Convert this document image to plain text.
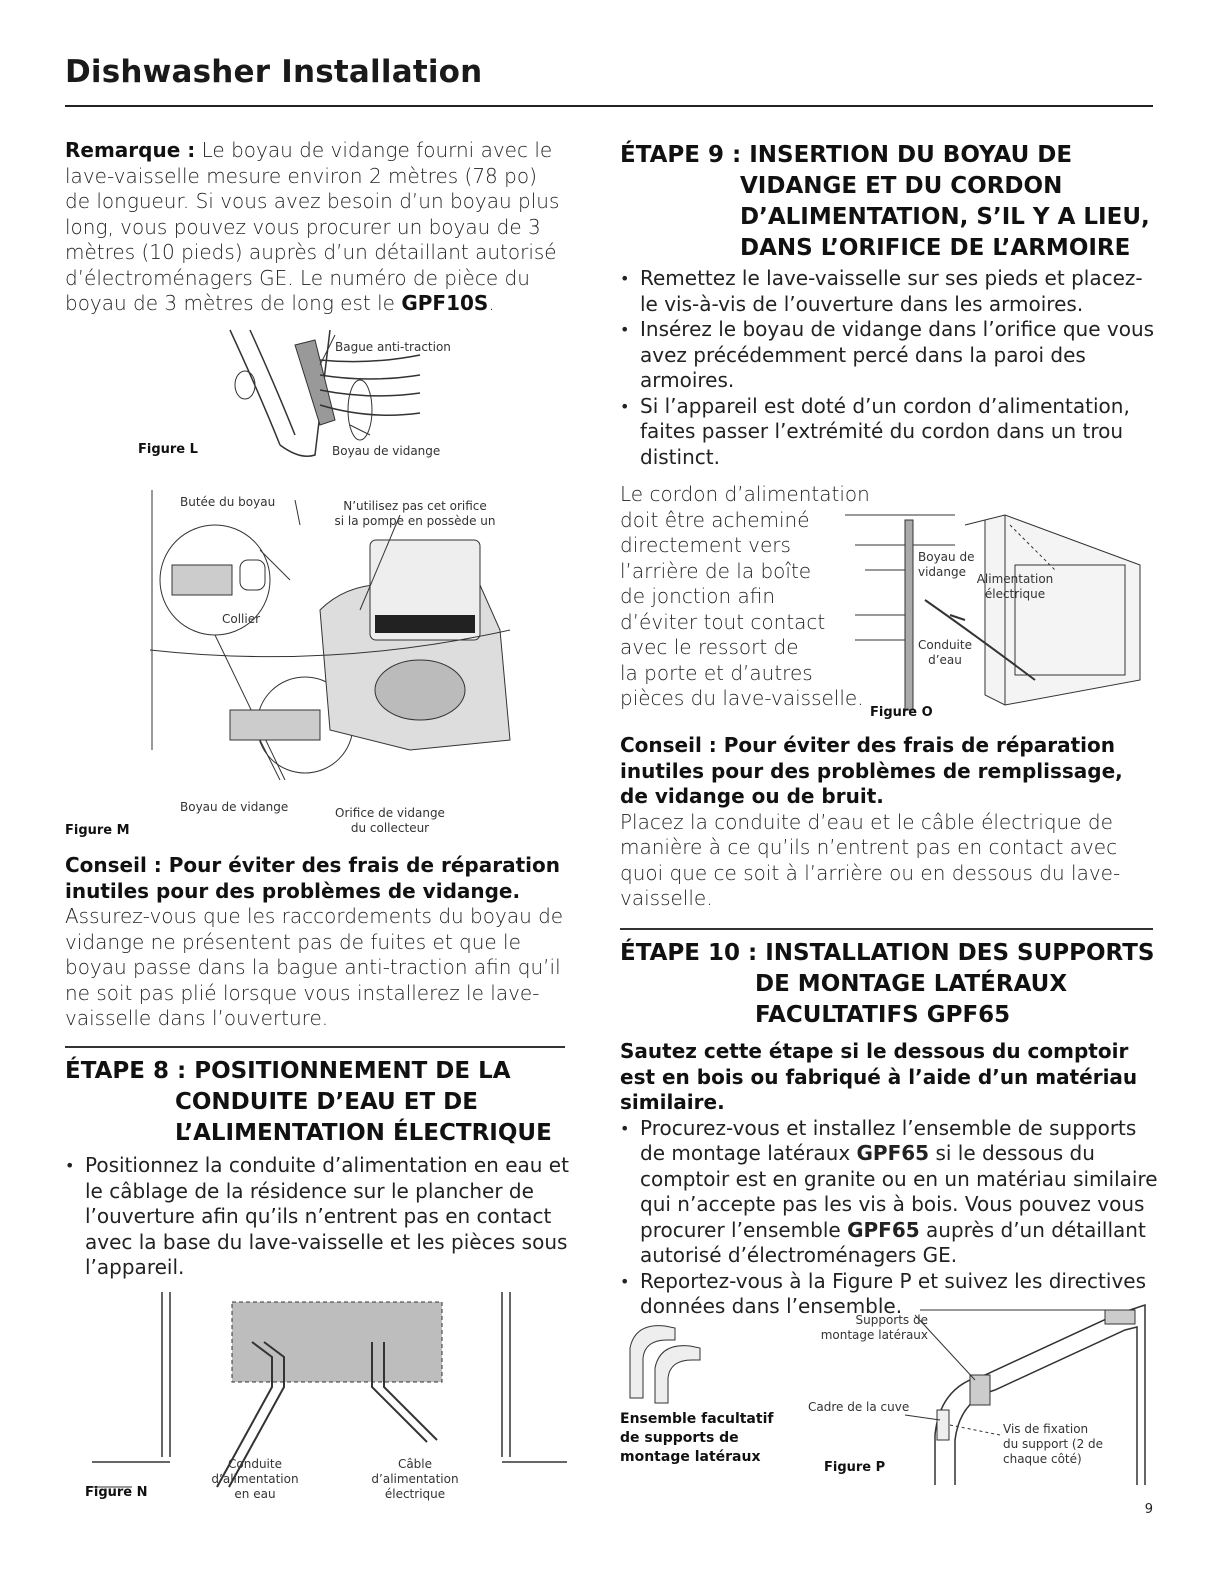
Dishwasher Installation
Remarque : Le boyau de vidange fourni avec le lave-vaisselle mesure environ 2 mètres (78 po) de longueur. Si vous avez besoin d’un boyau plus long, vous pouvez vous procurer un boyau de 3 mètres (10 pieds) auprès d’un détaillant autorisé d’électroménagers GE. Le numéro de pièce du boyau de 3 mètres de long est le GPF10S.
Bague anti-traction
Boyau de vidange
Figure L
Butée du boyau	N’utilisez pas cet orifice
si la pompe en possède un
Collier
Boyau de vidange	Orifice de vidange
du collecteur
Figure M
Conseil : Pour éviter des frais de réparation inutiles pour des problèmes de vidange.
Assurez-vous que les raccordements du boyau de vidange ne présentent pas de fuites et que le boyau passe dans la bague anti-traction afin qu’il ne soit pas plié lorsque vous installerez le lave-vaisselle dans l’ouverture.
ÉTAPE 8 : POSITIONNEMENT DE LA
CONDUITE D’EAU ET DE
L’ALIMENTATION ÉLECTRIQUE
• Positionnez la conduite d’alimentation en eau et le câblage de la résidence sur le plancher de l’ouverture afin qu’ils n’entrent pas en contact avec la base du lave-vaisselle et les pièces sous l’appareil.
Conduite
d’alimentation
en eau
Câble
d’alimentation
électrique
Figure N
ÉTAPE 9 : INSERTION DU BOYAU DE
VIDANGE ET DU CORDON
D’ALIMENTATION, S’IL Y A LIEU,
DANS L’ORIFICE DE L’ARMOIRE
• Remettez le lave-vaisselle sur ses pieds et placez-le vis-à-vis de l’ouverture dans les armoires.
• Insérez le boyau de vidange dans l’orifice que vous avez précédemment percé dans la paroi des armoires.
• Si l’appareil est doté d’un cordon d’alimentation, faites passer l’extrémité du cordon dans un trou distinct.
Le cordon d’alimentation
doit être acheminé
directement vers
l’arrière de la boîte
de jonction afin
d’éviter tout contact
avec le ressort de
la porte et d’autres
pièces du lave-vaisselle.
Boyau de
vidange Alimentation
électrique
Conduite
d’eau
Figure O
Conseil : Pour éviter des frais de réparation inutiles pour des problèmes de remplissage, de vidange ou de bruit.
Placez la conduite d’eau et le câble électrique de manière à ce qu’ils n’entrent pas en contact avec quoi que ce soit à l’arrière ou en dessous du lave-vaisselle.
ÉTAPE 10 : INSTALLATION DES SUPPORTS
DE MONTAGE LATÉRAUX
FACULTATIFS GPF65
Sautez cette étape si le dessous du comptoir est en bois ou fabriqué à l’aide d’un matériau similaire.
• Procurez-vous et installez l’ensemble de supports de montage latéraux GPF65 si le dessous du comptoir est en granite ou en un matériau similaire qui n’accepte pas les vis à bois. Vous pouvez vous procurer l’ensemble GPF65 auprès d’un détaillant autorisé d’électroménagers GE.
• Reportez-vous à la Figure P et suivez les directives données dans l’ensemble.
Ensemble facultatif
de supports de
montage latéraux
Supports de
montage latéraux
Cadre de la cuve
Vis de fixation
du support (2 de
chaque côté)
Figure P
9
